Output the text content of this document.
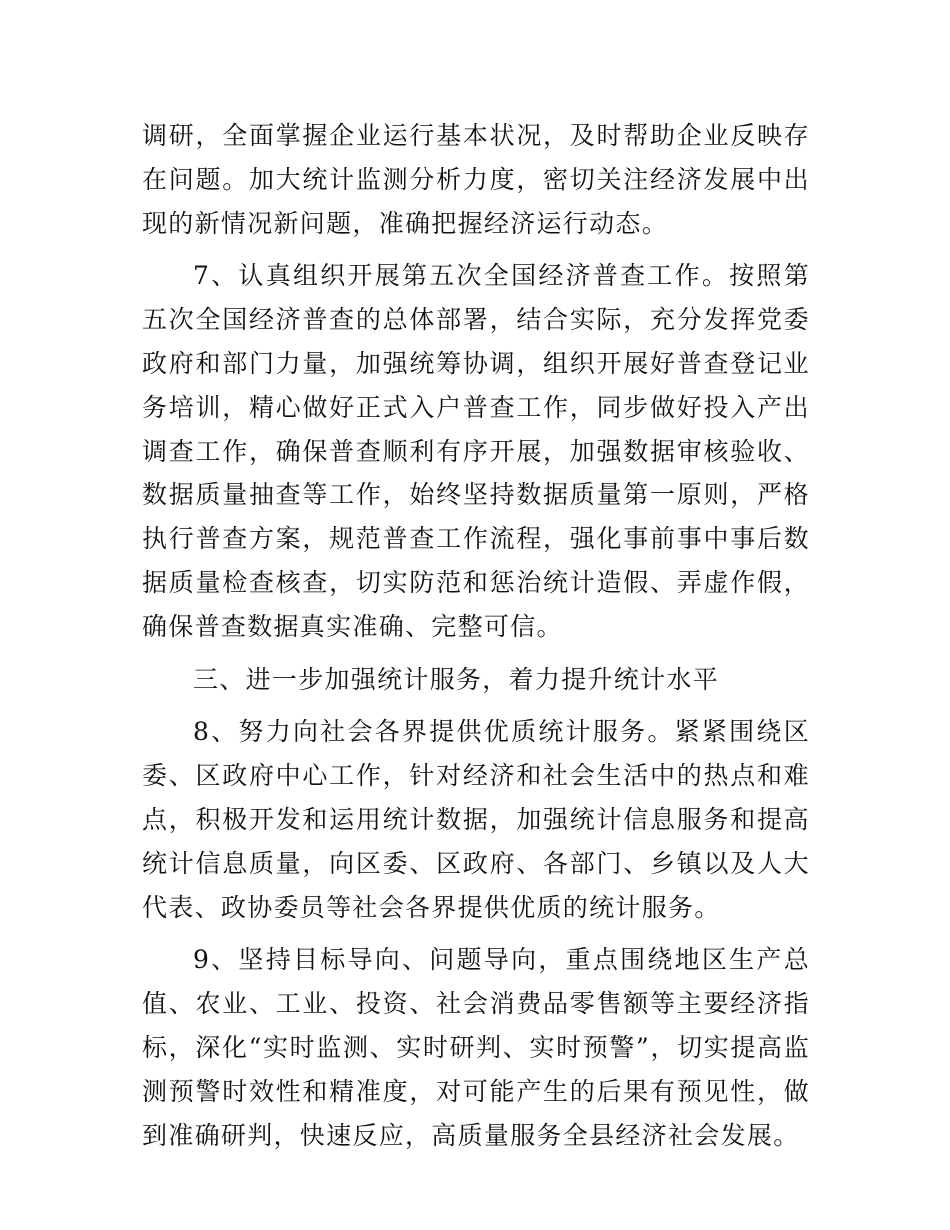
调研，全面掌握企业运行基本状况，及时帮助企业反映存在问题。加大统计监测分析力度，密切关注经济发展中出现的新情况新问题，准确把握经济运行动态。

7、认真组织开展第五次全国经济普查工作。按照第五次全国经济普查的总体部署，结合实际，充分发挥党委政府和部门力量，加强统筹协调，组织开展好普查登记业务培训，精心做好正式入户普查工作，同步做好投入产出调查工作，确保普查顺利有序开展，加强数据审核验收、数据质量抽查等工作，始终坚持数据质量第一原则，严格执行普查方案，规范普查工作流程，强化事前事中事后数据质量检查核查，切实防范和惩治统计造假、弄虚作假，确保普查数据真实准确、完整可信。

三、进一步加强统计服务，着力提升统计水平

8、努力向社会各界提供优质统计服务。紧紧围绕区委、区政府中心工作，针对经济和社会生活中的热点和难点，积极开发和运用统计数据，加强统计信息服务和提高统计信息质量，向区委、区政府、各部门、乡镇以及人大代表、政协委员等社会各界提供优质的统计服务。

9、坚持目标导向、问题导向，重点围绕地区生产总值、农业、工业、投资、社会消费品零售额等主要经济指标，深化“实时监测、实时研判、实时预警”，切实提高监测预警时效性和精准度，对可能产生的后果有预见性，做到准确研判，快速反应，高质量服务全县经济社会发展。
